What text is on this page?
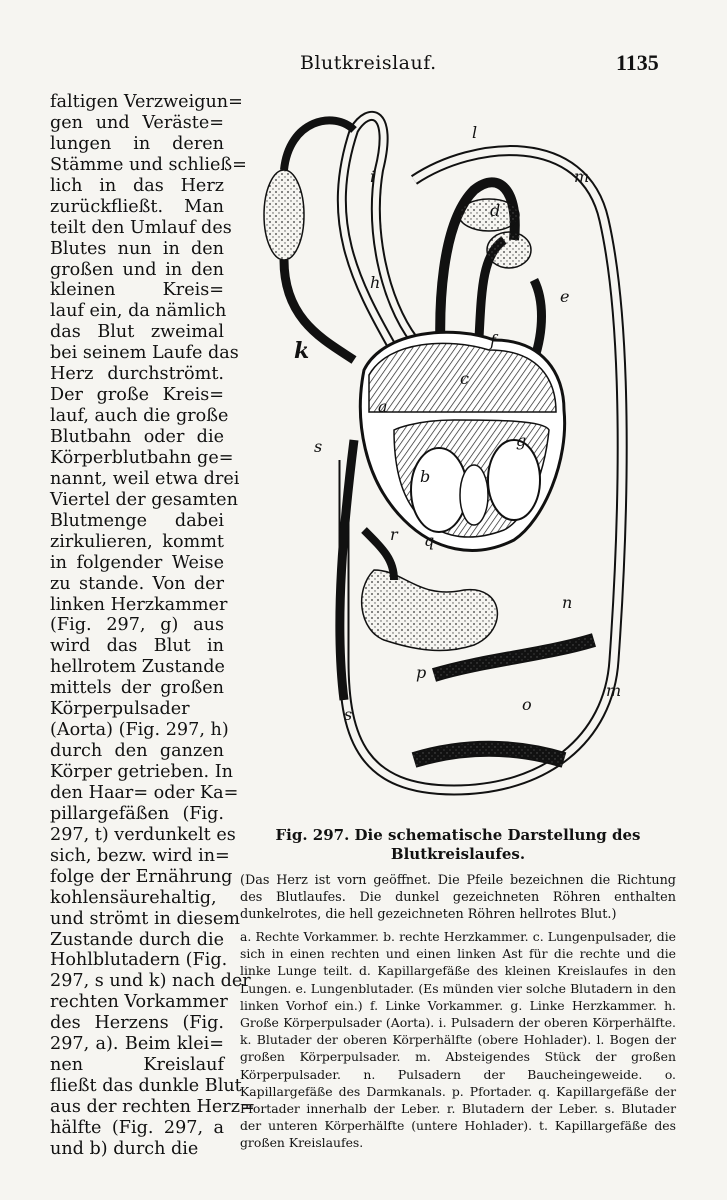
Blutkreislauf.	1135
faltigen Verzweigun=
gen und Veräste=
lungen in deren
Stämme und schließ=
lich in das Herz
zurückfließt. Man
teilt den Umlauf des
Blutes nun in den
großen und in den
kleinen Kreis=
lauf ein, da nämlich
das Blut zweimal
bei seinem Laufe das
Herz durchströmt.
Der große Kreis=
lauf, auch die große
Blutbahn oder die
Körperblutbahn ge=
nannt, weil etwa drei
Viertel der gesamten
Blutmenge dabei
zirkulieren, kommt
in folgender Weise
zu stande. Von der
linken Herzkammer
(Fig. 297, g) aus
wird das Blut in
hellrotem Zustande
mittels der großen
Körperpulsader
(Aorta) (Fig. 297, h)
durch den ganzen
Körper getrieben. In
den Haar= oder Ka=
pillargefäßen (Fig.
297, t) verdunkelt es
sich, bezw. wird in=
folge der Ernährung
kohlensäurehaltig,
und strömt in diesem
Zustande durch die
Hohlblutadern (Fig.
297, s und k) nach der
rechten Vorkammer
des Herzens (Fig.
297, a). Beim klei=
nen Kreislauf
fließt das dunkle Blut
aus der rechten Herz=
hälfte (Fig. 297, a
und b) durch die
l
i	m
d
h
e
f
k
a
c
b
g
s
r q
n
p
o
m
s
t
Fig. 297. Die schematische Darstellung des Blutkreislaufes.
(Das Herz ist vorn geöffnet. Die Pfeile bezeichnen die Richtung des Blutlaufes. Die dunkel gezeichneten Röhren enthalten dunkelrotes, die hell gezeichneten Röhren hellrotes Blut.)
a. Rechte Vorkammer. b. rechte Herzkammer. c. Lungenpulsader, die sich in einen rechten und einen linken Ast für die rechte und die linke Lunge teilt. d. Kapillargefäße des kleinen Kreislaufes in den Lungen. e. Lungenblutader. (Es münden vier solche Blutadern in den linken Vorhof ein.) f. Linke Vorkammer. g. Linke Herzkammer. h. Große Körperpulsader (Aorta). i. Pulsadern der oberen Körperhälfte. k. Blutader der oberen Körperhälfte (obere Hohlader). l. Bogen der großen Körperpulsader. m. Absteigendes Stück der großen Körperpulsader. n. Pulsadern der Baucheingeweide. o. Kapillargefäße des Darmkanals. p. Pfortader. q. Kapillargefäße der Pfortader innerhalb der Leber. r. Blutadern der Leber. s. Blutader der unteren Körperhälfte (untere Hohlader). t. Kapillargefäße des großen Kreislaufes.
